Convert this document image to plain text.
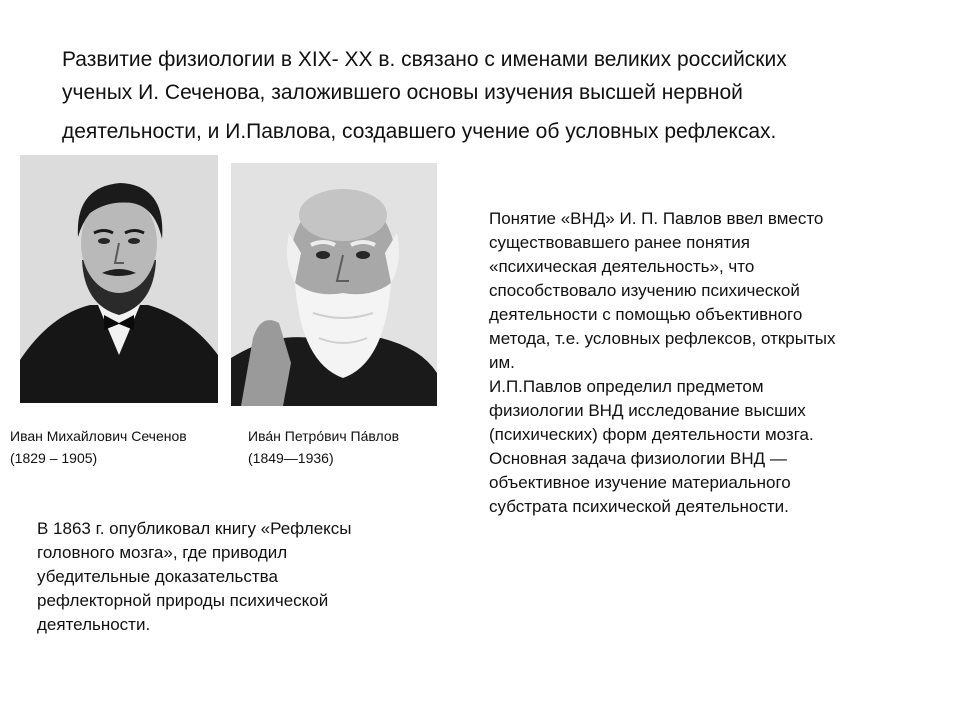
Развитие физиологии в XIX- XX в. связано с именами великих российских
ученых И. Сеченова, заложившего основы изучения высшей нервной
деятельности, и И.Павлова, создавшего учение об условных рефлексах.
Иван Михайлович Сеченов
(1829 – 1905)
Ива́н Петро́вич Па́влов
(1849—1936)
Понятие «ВНД» И. П. Павлов ввел вместо
существовавшего ранее понятия
«психическая деятельность», что
способствовало изучению психической
деятельности с помощью объективного
метода, т.е. условных рефлексов, открытых
им.
И.П.Павлов определил предметом
физиологии ВНД исследование высших
(психических) форм деятельности мозга.
Основная задача физиологии ВНД —
объективное изучение материального
субстрата психической деятельности.
В 1863 г. опубликовал книгу «Рефлексы
головного мозга», где приводил
убедительные доказательства
рефлекторной природы психической
деятельности.
